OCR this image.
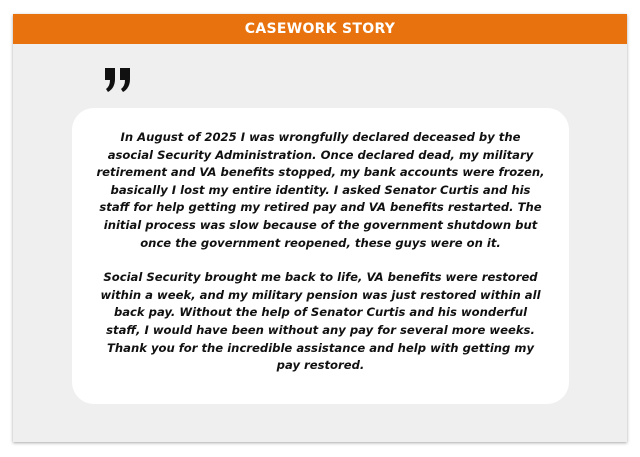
CASEWORK STORY

In August of 2025 I was wrongfully declared deceased by the asocial Security Administration. Once declared dead, my military retirement and VA benefits stopped, my bank accounts were frozen, basically I lost my entire identity. I asked Senator Curtis and his staff for help getting my retired pay and VA benefits restarted. The initial process was slow because of the government shutdown but once the government reopened, these guys were on it.

Social Security brought me back to life, VA benefits were restored within a week, and my military pension was just restored within all back pay. Without the help of Senator Curtis and his wonderful staff, I would have been without any pay for several more weeks. Thank you for the incredible assistance and help with getting my pay restored.
